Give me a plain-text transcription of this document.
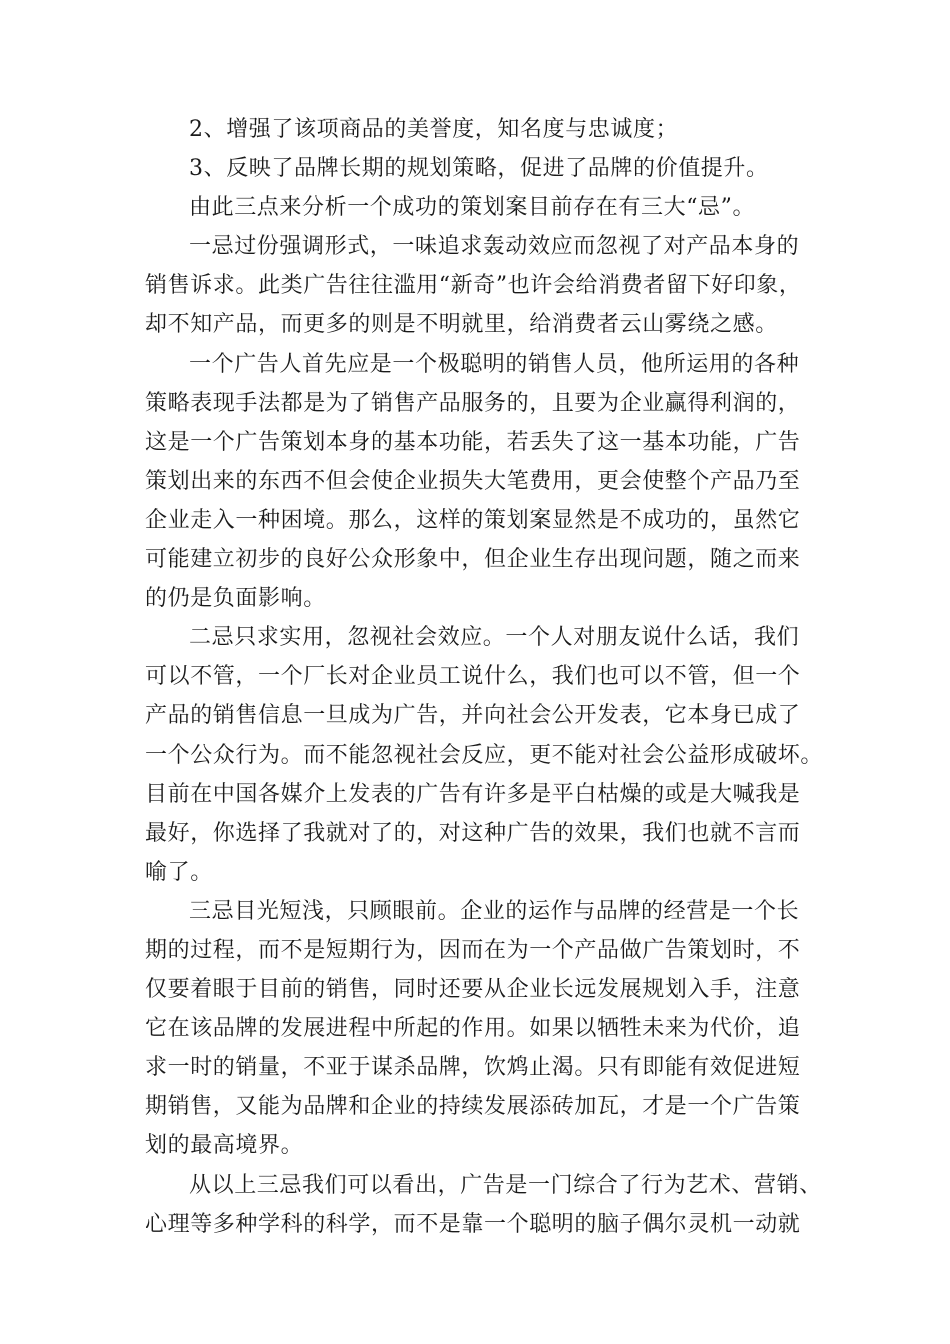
2、增强了该项商品的美誉度，知名度与忠诚度；
3、反映了品牌长期的规划策略，促进了品牌的价值提升。
由此三点来分析一个成功的策划案目前存在有三大“忌”。
一忌过份强调形式，一味追求轰动效应而忽视了对产品本身的
销售诉求。此类广告往往滥用“新奇”也许会给消费者留下好印象，
却不知产品，而更多的则是不明就里，给消费者云山雾绕之感。
一个广告人首先应是一个极聪明的销售人员，他所运用的各种
策略表现手法都是为了销售产品服务的，且要为企业赢得利润的，
这是一个广告策划本身的基本功能，若丢失了这一基本功能，广告
策划出来的东西不但会使企业损失大笔费用，更会使整个产品乃至
企业走入一种困境。那么，这样的策划案显然是不成功的，虽然它
可能建立初步的良好公众形象中，但企业生存出现问题，随之而来
的仍是负面影响。
二忌只求实用，忽视社会效应。一个人对朋友说什么话，我们
可以不管，一个厂长对企业员工说什么，我们也可以不管，但一个
产品的销售信息一旦成为广告，并向社会公开发表，它本身已成了
一个公众行为。而不能忽视社会反应，更不能对社会公益形成破坏。
目前在中国各媒介上发表的广告有许多是平白枯燥的或是大喊我是
最好，你选择了我就对了的，对这种广告的效果，我们也就不言而
喻了。
三忌目光短浅，只顾眼前。企业的运作与品牌的经营是一个长
期的过程，而不是短期行为，因而在为一个产品做广告策划时，不
仅要着眼于目前的销售，同时还要从企业长远发展规划入手，注意
它在该品牌的发展进程中所起的作用。如果以牺牲未来为代价，追
求一时的销量，不亚于谋杀品牌，饮鸩止渴。只有即能有效促进短
期销售，又能为品牌和企业的持续发展添砖加瓦，才是一个广告策
划的最高境界。
从以上三忌我们可以看出，广告是一门综合了行为艺术、营销、
心理等多种学科的科学，而不是靠一个聪明的脑子偶尔灵机一动就
